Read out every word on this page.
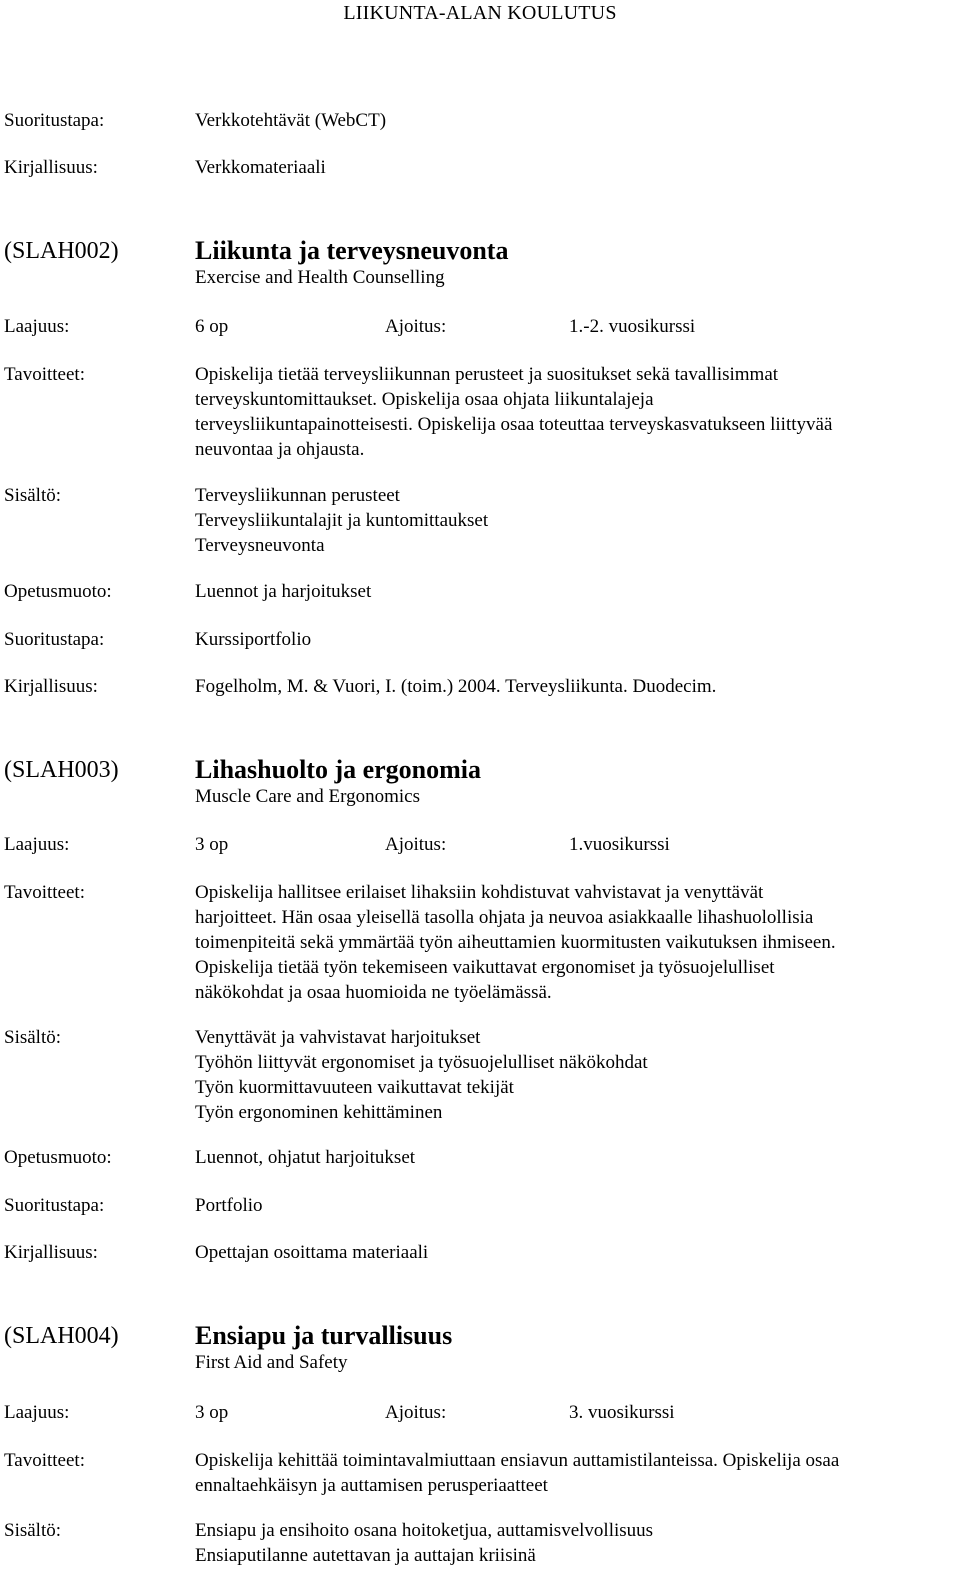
LIIKUNTA-ALAN KOULUTUS
Suoritustapa:	Verkkotehtävät (WebCT)
Kirjallisuus:	Verkkomateriaali
(SLAH002)	Liikunta ja terveysneuvonta
Exercise and Health Counselling
Laajuus:	6 op	Ajoitus:	1.-2. vuosikurssi
Tavoitteet:	Opiskelija tietää terveysliikunnan perusteet ja suositukset sekä tavallisimmat
terveyskuntomittaukset. Opiskelija osaa ohjata liikuntalajeja
terveysliikuntapainotteisesti. Opiskelija osaa toteuttaa terveyskasvatukseen liittyvää
neuvontaa ja ohjausta.
Sisältö:	Terveysliikunnan perusteet
Terveysliikuntalajit ja kuntomittaukset
Terveysneuvonta
Opetusmuoto:	Luennot ja harjoitukset
Suoritustapa:	Kurssiportfolio
Kirjallisuus:	Fogelholm, M. & Vuori, I. (toim.) 2004. Terveysliikunta. Duodecim.
(SLAH003)	Lihashuolto ja ergonomia
Muscle Care and Ergonomics
Laajuus:	3 op	Ajoitus:	1.vuosikurssi
Tavoitteet:	Opiskelija hallitsee erilaiset lihaksiin kohdistuvat vahvistavat ja venyttävät
harjoitteet. Hän osaa yleisellä tasolla ohjata ja neuvoa asiakkaalle lihashuolollisia
toimenpiteitä sekä ymmärtää työn aiheuttamien kuormitusten vaikutuksen ihmiseen.
Opiskelija tietää työn tekemiseen vaikuttavat ergonomiset ja työsuojelulliset
näkökohdat ja osaa huomioida ne työelämässä.
Sisältö:	Venyttävät ja vahvistavat harjoitukset
Työhön liittyvät ergonomiset ja työsuojelulliset näkökohdat
Työn kuormittavuuteen vaikuttavat tekijät
Työn ergonominen kehittäminen
Opetusmuoto:	Luennot, ohjatut harjoitukset
Suoritustapa:	Portfolio
Kirjallisuus:	Opettajan osoittama materiaali
(SLAH004)	Ensiapu ja turvallisuus
First Aid and Safety
Laajuus:	3 op	Ajoitus:	3. vuosikurssi
Tavoitteet:	Opiskelija kehittää toimintavalmiuttaan ensiavun auttamistilanteissa. Opiskelija osaa
ennaltaehkäisyn ja auttamisen perusperiaatteet
Sisältö:	Ensiapu ja ensihoito osana hoitoketjua, auttamisvelvollisuus
Ensiaputilanne autettavan ja auttajan kriisinä
